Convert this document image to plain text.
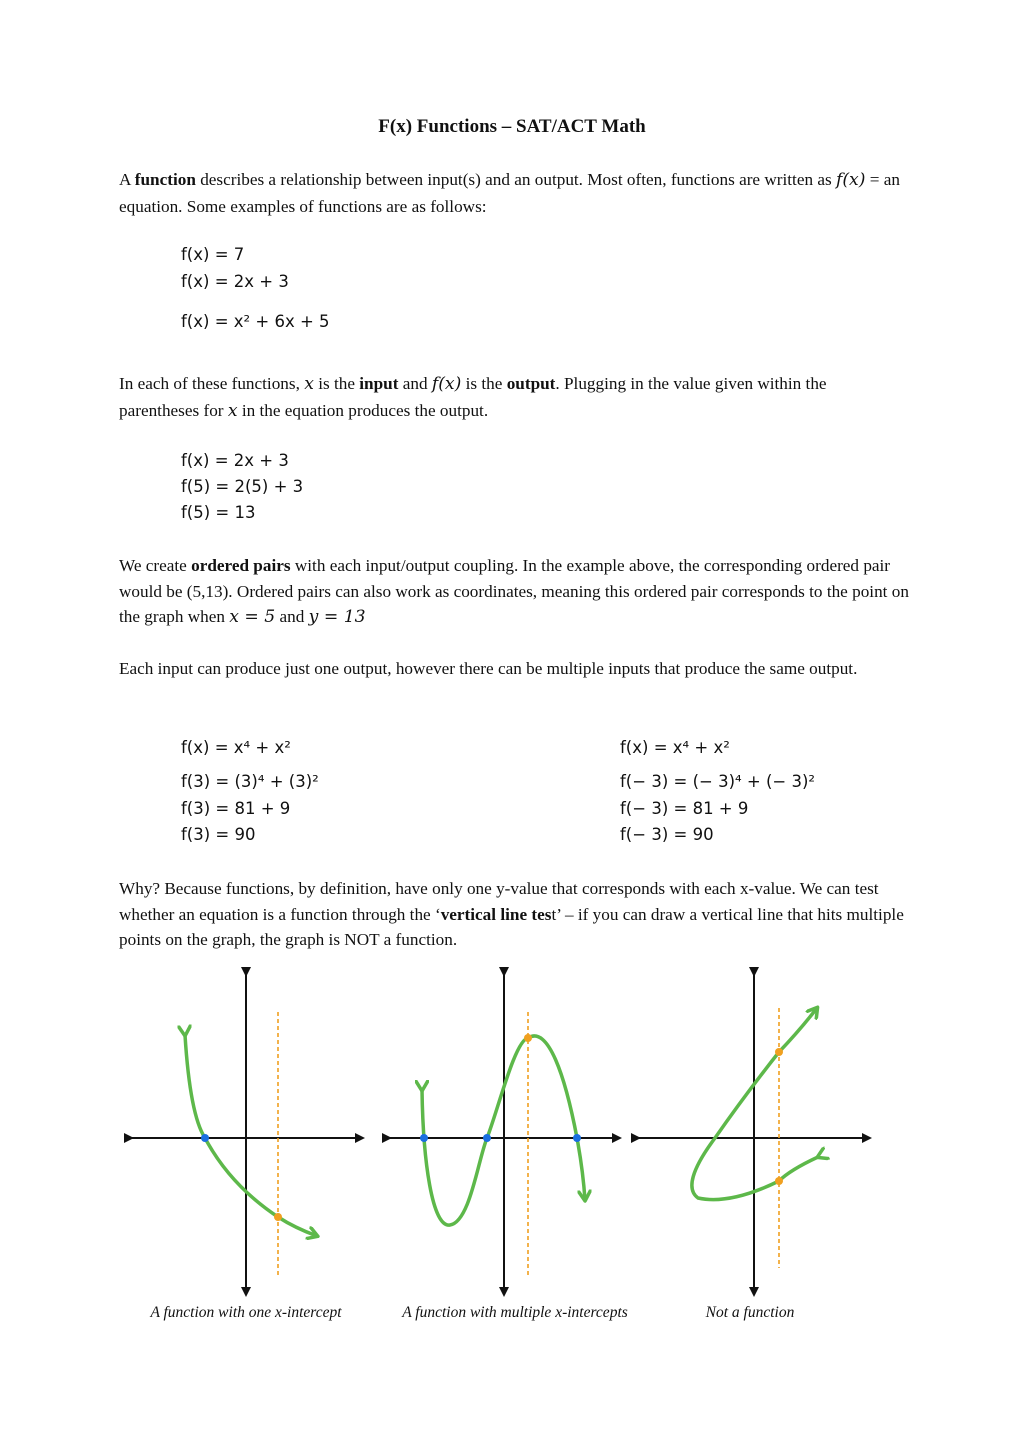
F(x) Functions – SAT/ACT Math
A function describes a relationship between input(s) and an output. Most often, functions are written as f(x) = an equation. Some examples of functions are as follows:
f(x) = 7
f(x) = 2x + 3
f(x) = x² + 6x + 5
In each of these functions, x is the input and f(x) is the output. Plugging in the value given within the parentheses for x in the equation produces the output.
f(x) = 2x + 3
f(5) = 2(5) + 3
f(5) = 13
We create ordered pairs with each input/output coupling. In the example above, the corresponding ordered pair would be (5,13). Ordered pairs can also work as coordinates, meaning this ordered pair corresponds to the point on the graph when x = 5 and y = 13
Each input can produce just one output, however there can be multiple inputs that produce the same output.
f(x) = x⁴ + x²
f(3) = (3)⁴ + (3)²
f(3) = 81 + 9
f(3) = 90
f(x) = x⁴ + x²
f(− 3) = (− 3)⁴ + (− 3)²
f(− 3) = 81 + 9
f(− 3) = 90
Why? Because functions, by definition, have only one y-value that corresponds with each x-value. We can test whether an equation is a function through the ‘vertical line test’ – if you can draw a vertical line that hits multiple points on the graph, the graph is NOT a function.
A function with one x-intercept	A function with multiple x-intercepts	Not a function
